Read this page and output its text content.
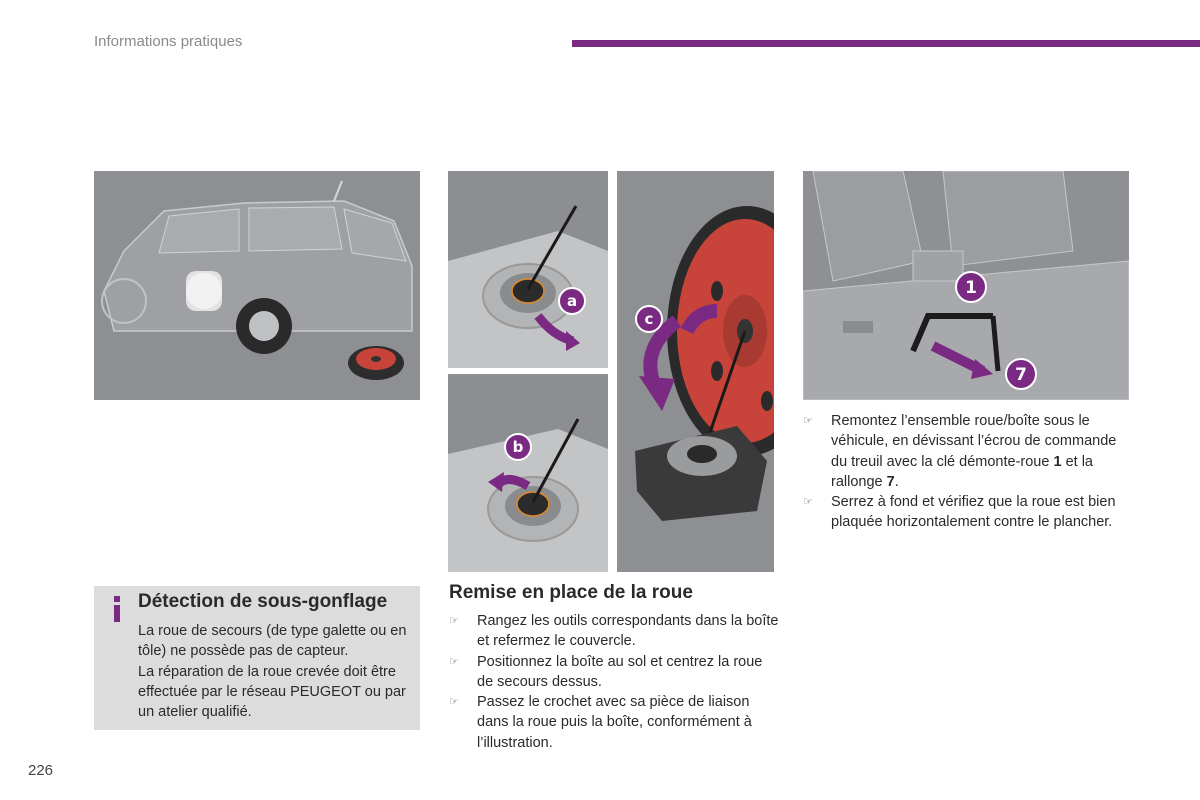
Informations pratiques
a
b
c
1
7
Détection de sous-gonflage
La roue de secours (de type galette ou en tôle) ne possède pas de capteur.
La réparation de la roue crevée doit être effectuée par le réseau PEUGEOT ou par un atelier qualifié.
Remise en place de la roue
☞ Rangez les outils correspondants dans la boîte et refermez le couvercle.
☞ Positionnez la boîte au sol et centrez la roue de secours dessus.
☞ Passez le crochet avec sa pièce de liaison dans la roue puis la boîte, conformément à l’illustration.
☞ Remontez l’ensemble roue/boîte sous le véhicule, en dévissant l’écrou de commande du treuil avec la clé démonte-roue 1 et la rallonge 7.
☞ Serrez à fond et vérifiez que la roue est bien plaquée horizontalement contre le plancher.
226
